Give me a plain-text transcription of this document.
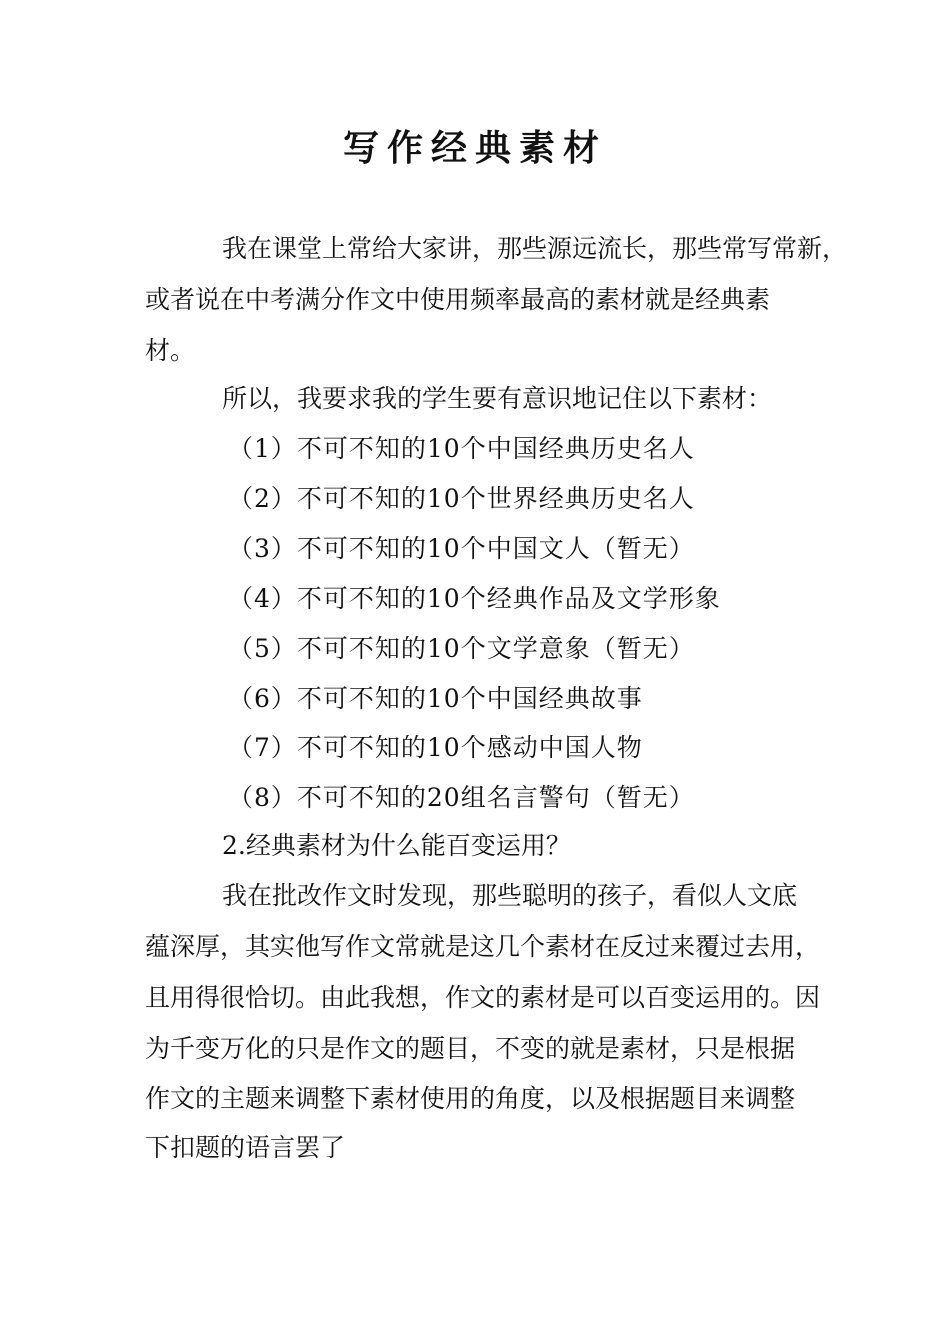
写作经典素材
我在课堂上常给大家讲，那些源远流长，那些常写常新，
或者说在中考满分作文中使用频率最高的素材就是经典素
材。
所以，我要求我的学生要有意识地记住以下素材：
（1）不可不知的10个中国经典历史名人
（2）不可不知的10个世界经典历史名人
（3）不可不知的10个中国文人（暂无）
（4）不可不知的10个经典作品及文学形象
（5）不可不知的10个文学意象（暂无）
（6）不可不知的10个中国经典故事
（7）不可不知的10个感动中国人物
（8）不可不知的20组名言警句（暂无）
2.经典素材为什么能百变运用？
我在批改作文时发现，那些聪明的孩子，看似人文底
蕴深厚，其实他写作文常就是这几个素材在反过来覆过去用，
且用得很恰切。由此我想，作文的素材是可以百变运用的。因
为千变万化的只是作文的题目，不变的就是素材，只是根据
作文的主题来调整下素材使用的角度，以及根据题目来调整
下扣题的语言罢了
